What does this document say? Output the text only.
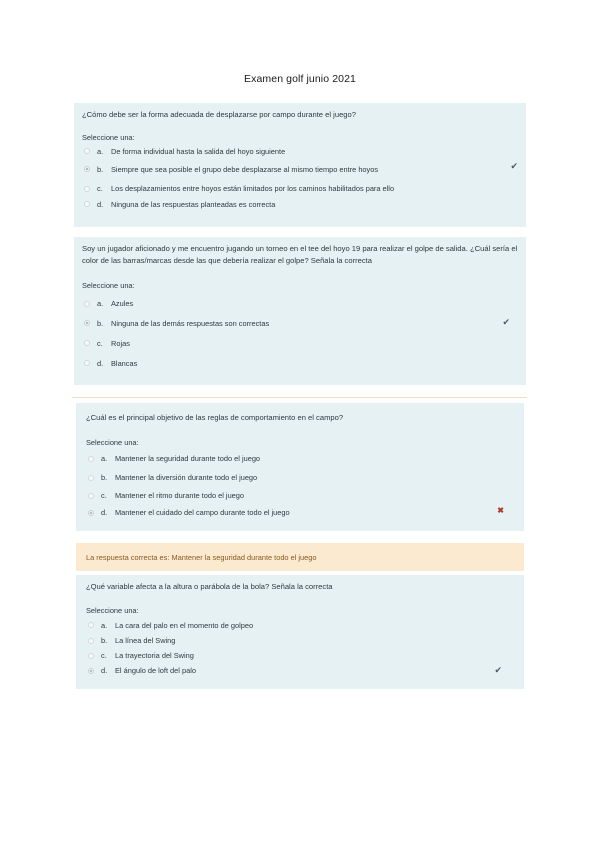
Examen golf junio 2021
¿Cómo debe ser la forma adecuada de desplazarse por campo durante el juego?
Seleccione una:
a.	De forma individual hasta la salida del hoyo siguiente
b.	Siempre que sea posible el grupo debe desplazarse al mismo tiempo entre hoyos	✔
c.	Los desplazamientos entre hoyos están limitados por los caminos habilitados para ello
d.	Ninguna de las respuestas planteadas es correcta
Soy un jugador aficionado y me encuentro jugando un torneo en el tee del hoyo 19 para realizar el golpe de salida. ¿Cuál sería el color de las barras/marcas desde las que debería realizar el golpe? Señala la correcta
Seleccione una:
a.	Azules
b.	Ninguna de las demás respuestas son correctas	✔
c.	Rojas
d.	Blancas
¿Cuál es el principal objetivo de las reglas de comportamiento en el campo?
Seleccione una:
a.	Mantener la seguridad durante todo el juego
b.	Mantener la diversión durante todo el juego
c.	Mantener el ritmo durante todo el juego
d.	Mantener el cuidado del campo durante todo el juego	✖
La respuesta correcta es: Mantener la seguridad durante todo el juego
¿Qué variable afecta a la altura o parábola de la bola? Señala la correcta
Seleccione una:
a.	La cara del palo en el momento de golpeo
b.	La línea del Swing
c.	La trayectoria del Swing
d.	El ángulo de loft del palo	✔
